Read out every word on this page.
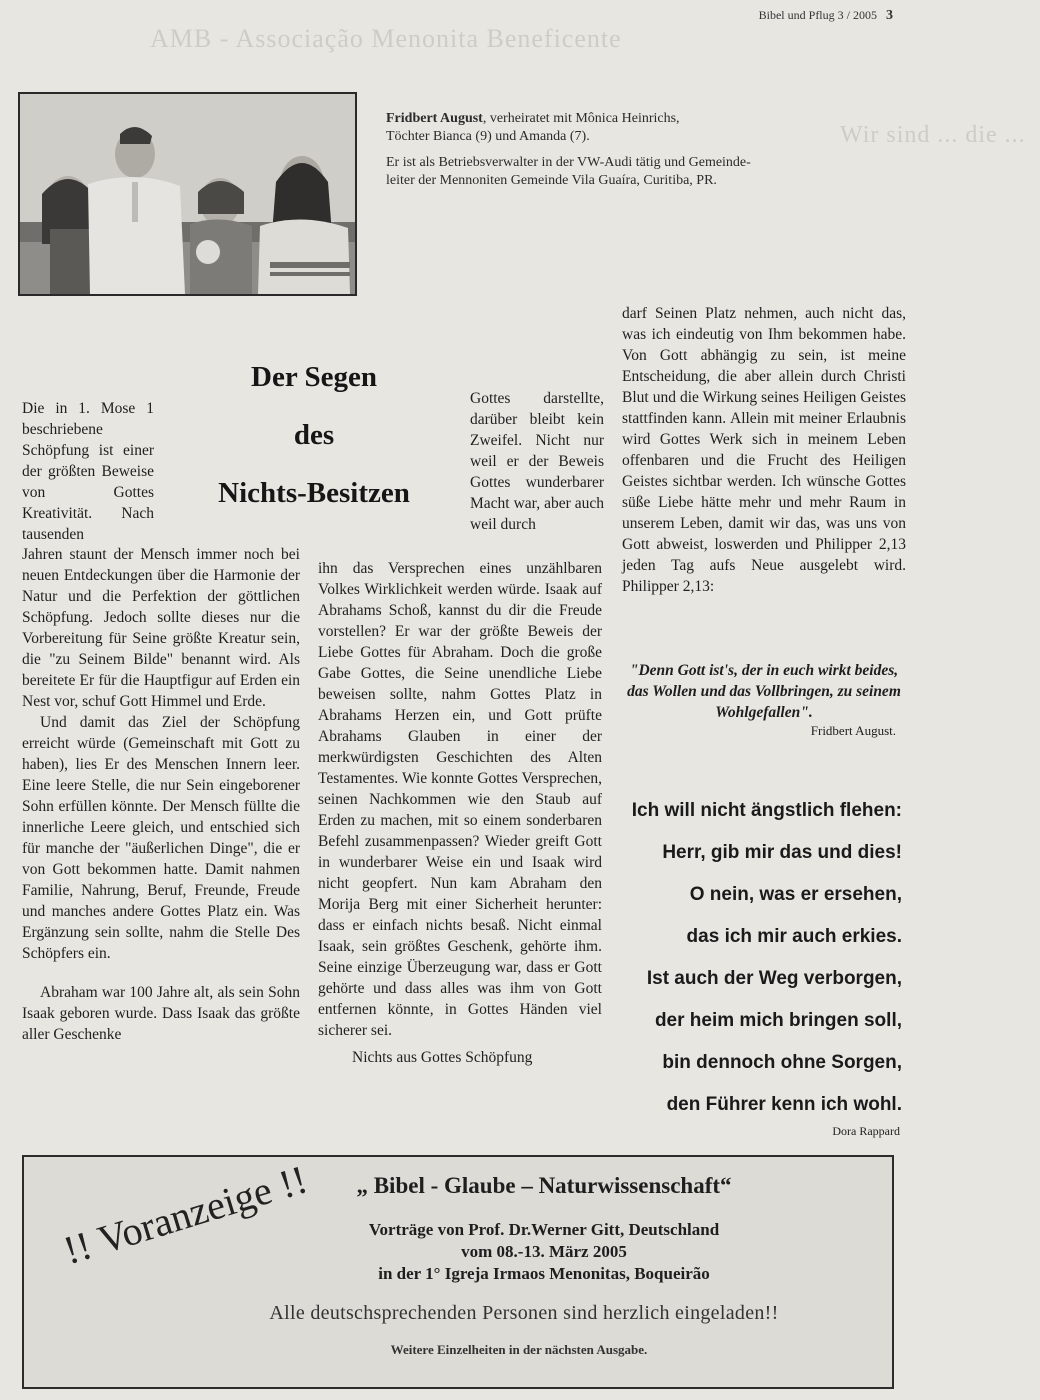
AMB - Associação Menonita Beneficente
Wir sind ... die ...
Bibel und Pflug 3 / 2005 3

Fridbert August, verheiratet mit Mônica Heinrichs,
Töchter Bianca (9) und Amanda (7).

Er ist als Betriebsverwalter in der VW-Audi tätig und Gemeinde-
leiter der Mennoniten Gemeinde Vila Guaíra, Curitiba, PR.

Der Segen
des
Nichts-Besitzen

Die in 1. Mose 1 beschriebene Schöpfung ist einer der größten Beweise von Gottes Kreativität. Nach tausenden

Jahren staunt der Mensch immer noch bei neuen Entdeckungen über die Harmonie der Natur und die Perfektion der göttlichen Schöpfung. Jedoch sollte dieses nur die Vorbereitung für Seine größte Kreatur sein, die "zu Seinem Bilde" benannt wird. Als bereitete Er für die Hauptfigur auf Erden ein Nest vor, schuf Gott Himmel und Erde.

Und damit das Ziel der Schöpfung erreicht würde (Gemeinschaft mit Gott zu haben), lies Er des Menschen Innern leer. Eine leere Stelle, die nur Sein eingeborener Sohn erfüllen könnte. Der Mensch füllte die innerliche Leere gleich, und entschied sich für manche der "äußerlichen Dinge", die er von Gott bekommen hatte. Damit nahmen Familie, Nahrung, Beruf, Freunde, Freude und manches andere Gottes Platz ein. Was Ergänzung sein sollte, nahm die Stelle Des Schöpfers ein.

Abraham war 100 Jahre alt, als sein Sohn Isaak geboren wurde. Dass Isaak das größte aller Geschenke

Gottes darstellte, darüber bleibt kein Zweifel. Nicht nur weil er der Beweis Gottes wunderbarer Macht war, aber auch weil durch

ihn das Versprechen eines unzählbaren Volkes Wirklichkeit werden würde. Isaak auf Abrahams Schoß, kannst du dir die Freude vorstellen? Er war der größte Beweis der Liebe Gottes für Abraham. Doch die große Gabe Gottes, die Seine unendliche Liebe beweisen sollte, nahm Gottes Platz in Abrahams Herzen ein, und Gott prüfte Abrahams Glauben in einer der merkwürdigsten Geschichten des Alten Testamentes. Wie konnte Gottes Versprechen, seinen Nachkommen wie den Staub auf Erden zu machen, mit so einem sonderbaren Befehl zusammenpassen? Wieder greift Gott in wunderbarer Weise ein und Isaak wird nicht geopfert. Nun kam Abraham den Morija Berg mit einer Sicherheit herunter: dass er einfach nichts besaß. Nicht einmal Isaak, sein größtes Geschenk, gehörte ihm. Seine einzige Überzeugung war, dass er Gott gehörte und dass alles was ihm von Gott entfernen könnte, in Gottes Händen viel sicherer sei.

Nichts aus Gottes Schöpfung

darf Seinen Platz nehmen, auch nicht das, was ich eindeutig von Ihm bekommen habe. Von Gott abhängig zu sein, ist meine Entscheidung, die aber allein durch Christi Blut und die Wirkung seines Heiligen Geistes stattfinden kann. Allein mit meiner Erlaubnis wird Gottes Werk sich in meinem Leben offenbaren und die Frucht des Heiligen Geistes sichtbar werden. Ich wünsche Gottes süße Liebe hätte mehr und mehr Raum in unserem Leben, damit wir das, was uns von Gott abweist, loswerden und Philipper 2,13 jeden Tag aufs Neue ausgelebt wird. Philipper 2,13:

"Denn Gott ist's, der in euch wirkt beides, das Wollen und das Vollbringen, zu seinem Wohlgefallen".
Fridbert August.
Ich will nicht ängstlich flehen:
Herr, gib mir das und dies!
O nein, was er ersehen,
das ich mir auch erkies.
Ist auch der Weg verborgen,
der heim mich bringen soll,
bin dennoch ohne Sorgen,
den Führer kenn ich wohl.
Dora Rappard
!! Voranzeige !!	„ Bibel - Glaube – Naturwissenschaft“
Vorträge von Prof. Dr.Werner Gitt, Deutschland
vom 08.-13. März 2005
in der 1° Igreja Irmaos Menonitas, Boqueirão
Alle deutschsprechenden Personen sind herzlich eingeladen!!
Weitere Einzelheiten in der nächsten Ausgabe.
